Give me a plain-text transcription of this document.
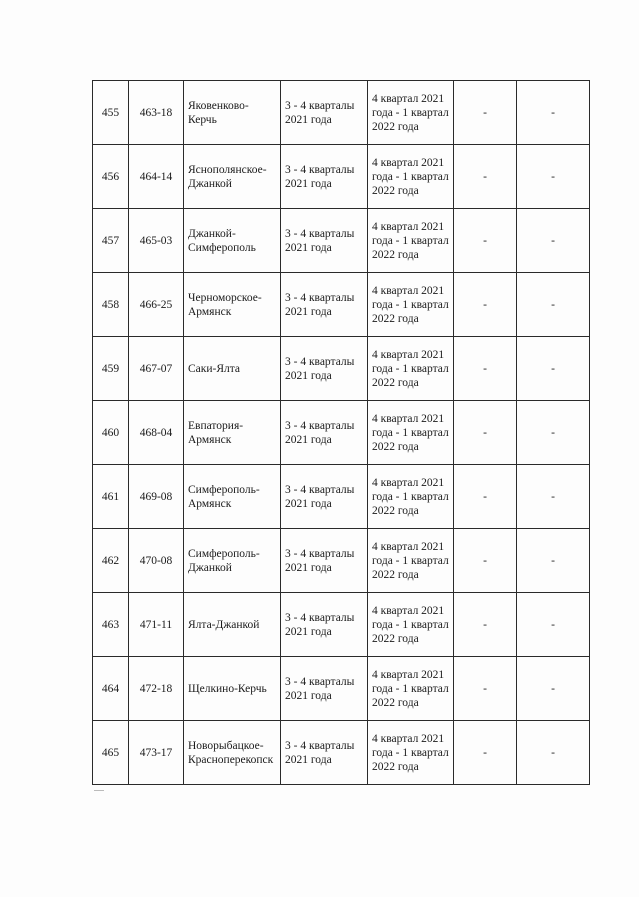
455	463-18	Яковенково-Керчь	3 - 4 кварталы 2021 года	4 квартал 2021 года - 1 квартал 2022 года	-	-
456	464-14	Яснополянское-Джанкой	3 - 4 кварталы 2021 года	4 квартал 2021 года - 1 квартал 2022 года	-	-
457	465-03	Джанкой-Симферополь	3 - 4 кварталы 2021 года	4 квартал 2021 года - 1 квартал 2022 года	-	-
458	466-25	Черноморское-Армянск	3 - 4 кварталы 2021 года	4 квартал 2021 года - 1 квартал 2022 года	-	-
459	467-07	Саки-Ялта	3 - 4 кварталы 2021 года	4 квартал 2021 года - 1 квартал 2022 года	-	-
460	468-04	Евпатория-Армянск	3 - 4 кварталы 2021 года	4 квартал 2021 года - 1 квартал 2022 года	-	-
461	469-08	Симферополь-Армянск	3 - 4 кварталы 2021 года	4 квартал 2021 года - 1 квартал 2022 года	-	-
462	470-08	Симферополь-Джанкой	3 - 4 кварталы 2021 года	4 квартал 2021 года - 1 квартал 2022 года	-	-
463	471-11	Ялта-Джанкой	3 - 4 кварталы 2021 года	4 квартал 2021 года - 1 квартал 2022 года	-	-
464	472-18	Щелкино-Керчь	3 - 4 кварталы 2021 года	4 квартал 2021 года - 1 квартал 2022 года	-	-
465	473-17	Новорыбацкое-Красноперекопск	3 - 4 кварталы 2021 года	4 квартал 2021 года - 1 квартал 2022 года	-	-
